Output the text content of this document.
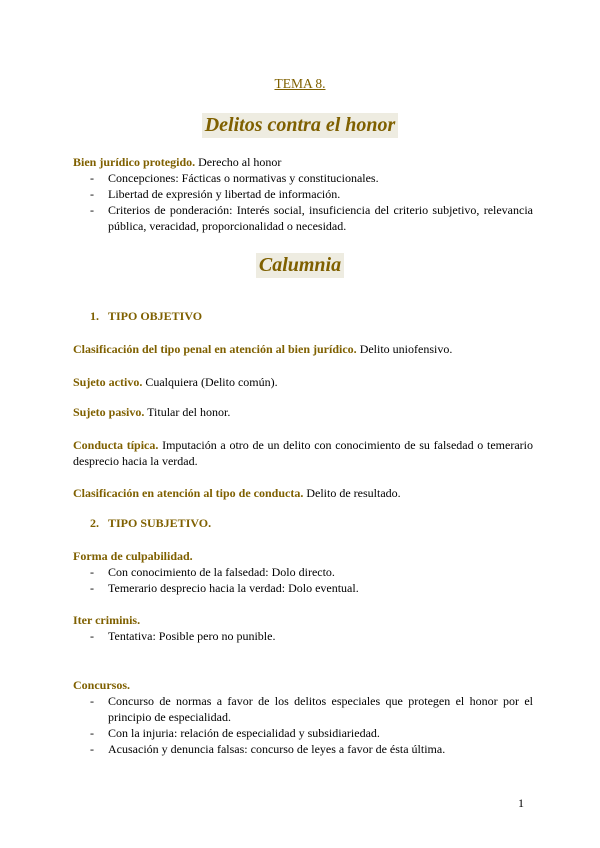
TEMA 8.
Delitos contra el honor
Bien jurídico protegido. Derecho al honor
- Concepciones: Fácticas o normativas y constitucionales.
- Libertad de expresión y libertad de información.
- Criterios de ponderación: Interés social, insuficiencia del criterio subjetivo, relevancia pública, veracidad, proporcionalidad o necesidad.
Calumnia
1. TIPO OBJETIVO
Clasificación del tipo penal en atención al bien jurídico. Delito uniofensivo.
Sujeto activo. Cualquiera (Delito común).
Sujeto pasivo. Titular del honor.
Conducta típica. Imputación a otro de un delito con conocimiento de su falsedad o temerario desprecio hacia la verdad.
Clasificación en atención al tipo de conducta. Delito de resultado.
2. TIPO SUBJETIVO.
Forma de culpabilidad.
- Con conocimiento de la falsedad: Dolo directo.
- Temerario desprecio hacia la verdad: Dolo eventual.
Iter criminis.
- Tentativa: Posible pero no punible.
Concursos.
- Concurso de normas a favor de los delitos especiales que protegen el honor por el principio de especialidad.
- Con la injuria: relación de especialidad y subsidiariedad.
- Acusación y denuncia falsas: concurso de leyes a favor de ésta última.
1
